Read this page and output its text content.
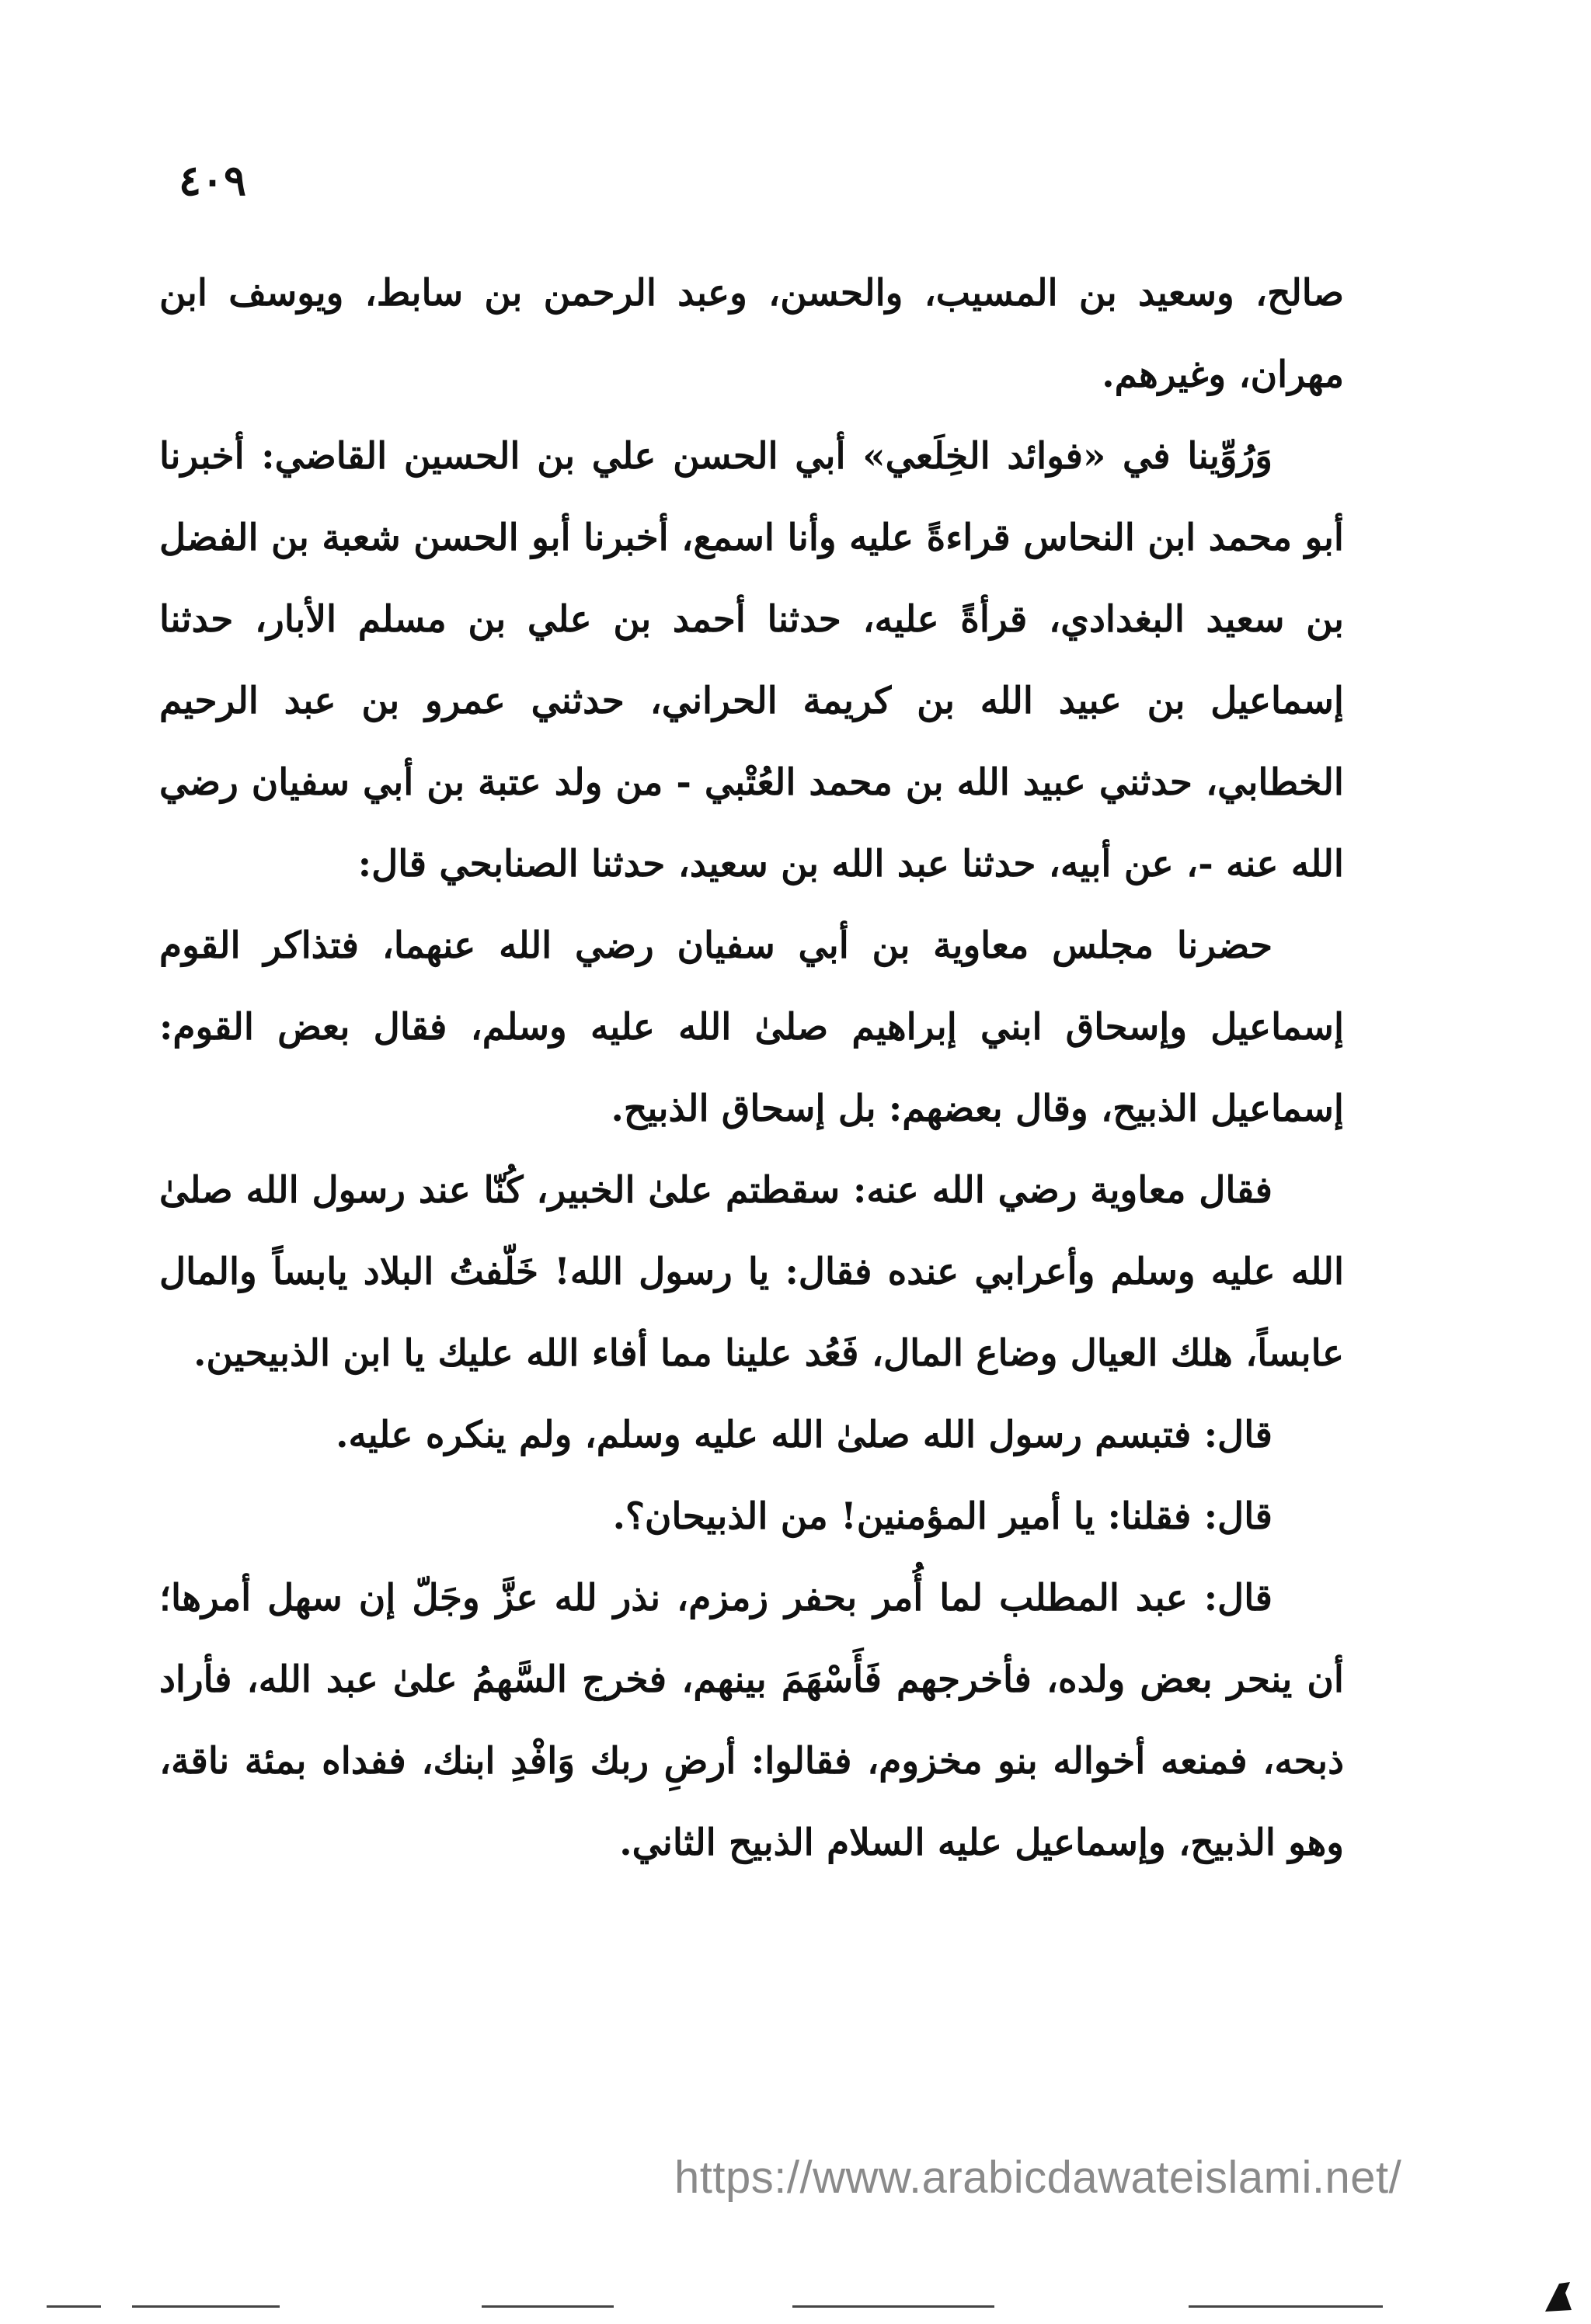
٤٠٩

صالح، وسعيد بن المسيب، والحسن، وعبد الرحمن بن سابط، ويوسف ابن مهران، وغيرهم.

وَرُوِّينا في «فوائد الخِلَعي» أبي الحسن علي بن الحسين القاضي: أخبرنا أبو محمد ابن النحاس قراءةً عليه وأنا اسمع، أخبرنا أبو الحسن شعبة بن الفضل بن سعيد البغدادي، قرأةً عليه، حدثنا أحمد بن علي بن مسلم الأبار، حدثنا إسماعيل بن عبيد الله بن كريمة الحراني، حدثني عمرو بن عبد الرحيم الخطابي، حدثني عبيد الله بن محمد العُتْبي - من ولد عتبة بن أبي سفيان رضي الله عنه -، عن أبيه، حدثنا عبد الله بن سعيد، حدثنا الصنابحي قال:

حضرنا مجلس معاوية بن أبي سفيان رضي الله عنهما، فتذاكر القوم إسماعيل وإسحاق ابني إبراهيم صلىٰ الله عليه وسلم، فقال بعض القوم: إسماعيل الذبيح، وقال بعضهم: بل إسحاق الذبيح.

فقال معاوية رضي الله عنه: سقطتم علىٰ الخبير، كُنّا عند رسول الله صلىٰ الله عليه وسلم وأعرابي عنده فقال: يا رسول الله! خَلّفتُ البلاد يابساً والمال عابساً، هلك العيال وضاع المال، فَعُد علينا مما أفاء الله عليك يا ابن الذبيحين.

قال: فتبسم رسول الله صلىٰ الله عليه وسلم، ولم ينكره عليه.

قال: فقلنا: يا أمير المؤمنين! من الذبيحان؟.

قال: عبد المطلب لما أُمر بحفر زمزم، نذر لله عزَّ وجَلّ إن سهل أمرها؛ أن ينحر بعض ولده، فأخرجهم فَأَسْهَمَ بينهم، فخرج السَّهمُ علىٰ عبد الله، فأراد ذبحه، فمنعه أخواله بنو مخزوم، فقالوا: أرضِ ربك وَافْدِ ابنك، ففداه بمئة ناقة، وهو الذبيح، وإسماعيل عليه السلام الذبيح الثاني.

https://www.arabicdawateislami.net/
